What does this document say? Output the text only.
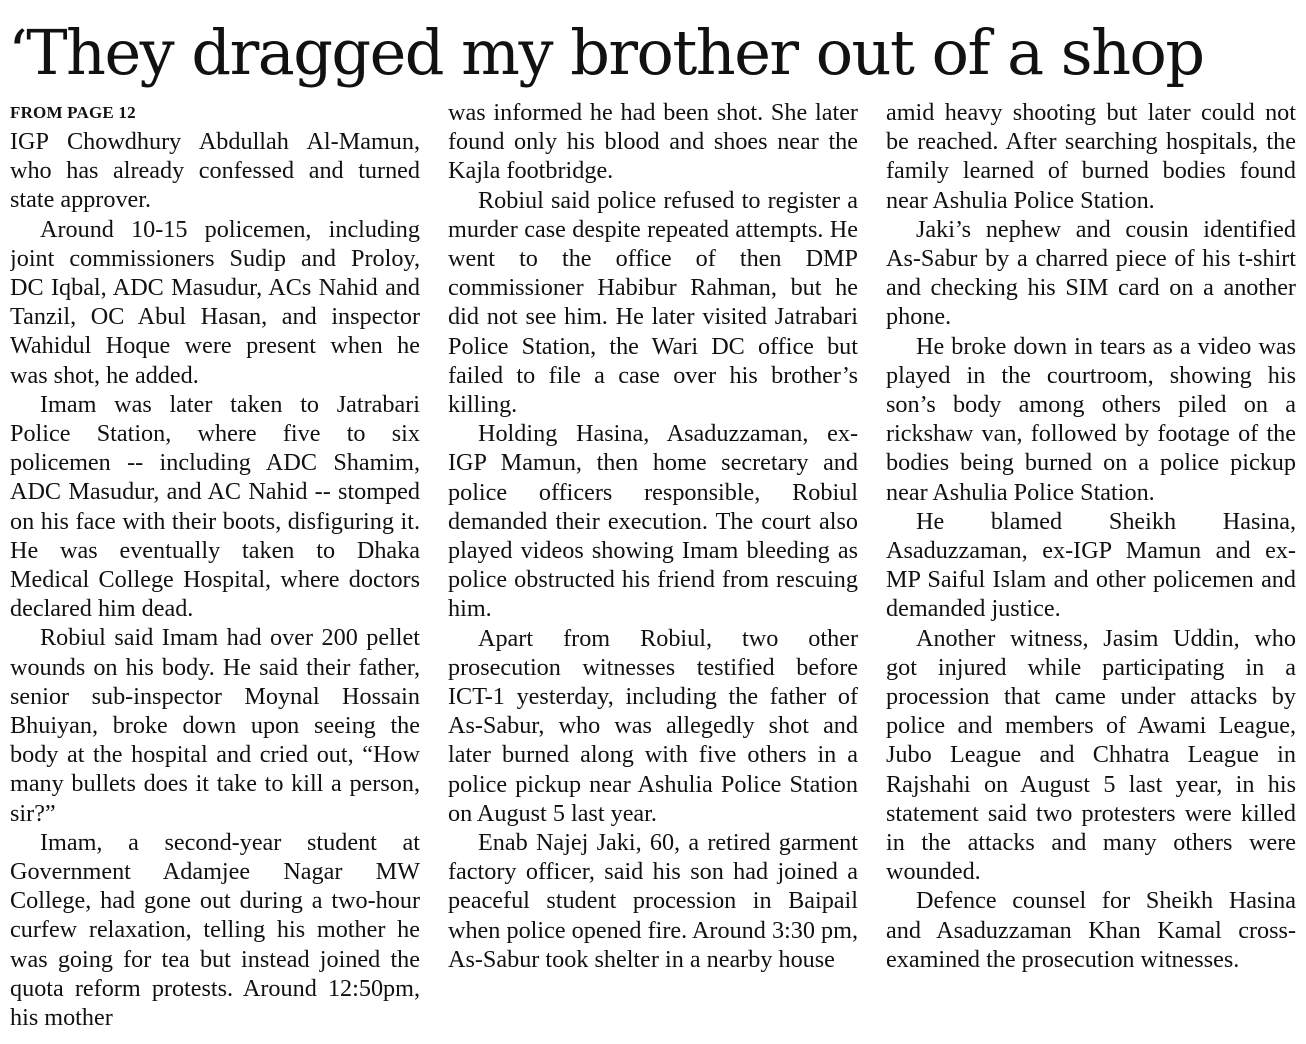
‘They dragged my brother out of a shop
FROM PAGE 12

IGP Chowdhury Abdullah Al-Mamun, who has already confessed and turned state approver.

Around 10-15 policemen, including joint commissioners Sudip and Proloy, DC Iqbal, ADC Masudur, ACs Nahid and Tanzil, OC Abul Hasan, and inspector Wahidul Hoque were present when he was shot, he added.

Imam was later taken to Jatrabari Police Station, where five to six policemen -- including ADC Shamim, ADC Masudur, and AC Nahid -- stomped on his face with their boots, disfiguring it. He was eventually taken to Dhaka Medical College Hospital, where doctors declared him dead.

Robiul said Imam had over 200 pellet wounds on his body. He said their father, senior sub-inspector Moynal Hossain Bhuiyan, broke down upon seeing the body at the hospital and cried out, “How many bullets does it take to kill a person, sir?”

Imam, a second-year student at Government Adamjee Nagar MW College, had gone out during a two-hour curfew relaxation, telling his mother he was going for tea but instead joined the quota reform protests. Around 12:50pm, his mother

was informed he had been shot. She later found only his blood and shoes near the Kajla footbridge.

Robiul said police refused to register a murder case despite repeated attempts. He went to the office of then DMP commissioner Habibur Rahman, but he did not see him. He later visited Jatrabari Police Station, the Wari DC office but failed to file a case over his brother’s killing.

Holding Hasina, Asaduzzaman, ex-IGP Mamun, then home secretary and police officers responsible, Robiul demanded their execution. The court also played videos showing Imam bleeding as police obstructed his friend from rescuing him.

Apart from Robiul, two other prosecution witnesses testified before ICT-1 yesterday, including the father of As-Sabur, who was allegedly shot and later burned along with five others in a police pickup near Ashulia Police Station on August 5 last year.

Enab Najej Jaki, 60, a retired garment factory officer, said his son had joined a peaceful student procession in Baipail when police opened fire. Around 3:30 pm, As-Sabur took shelter in a nearby house

amid heavy shooting but later could not be reached. After searching hospitals, the family learned of burned bodies found near Ashulia Police Station.

Jaki’s nephew and cousin identified As-Sabur by a charred piece of his t-shirt and checking his SIM card on a another phone.

He broke down in tears as a video was played in the courtroom, showing his son’s body among others piled on a rickshaw van, followed by footage of the bodies being burned on a police pickup near Ashulia Police Station.

He blamed Sheikh Hasina, Asaduzzaman, ex-IGP Mamun and ex-MP Saiful Islam and other policemen and demanded justice.

Another witness, Jasim Uddin, who got injured while participating in a procession that came under attacks by police and members of Awami League, Jubo League and Chhatra League in Rajshahi on August 5 last year, in his statement said two protesters were killed in the attacks and many others were wounded.

Defence counsel for Sheikh Hasina and Asaduzzaman Khan Kamal cross-examined the prosecution witnesses.
